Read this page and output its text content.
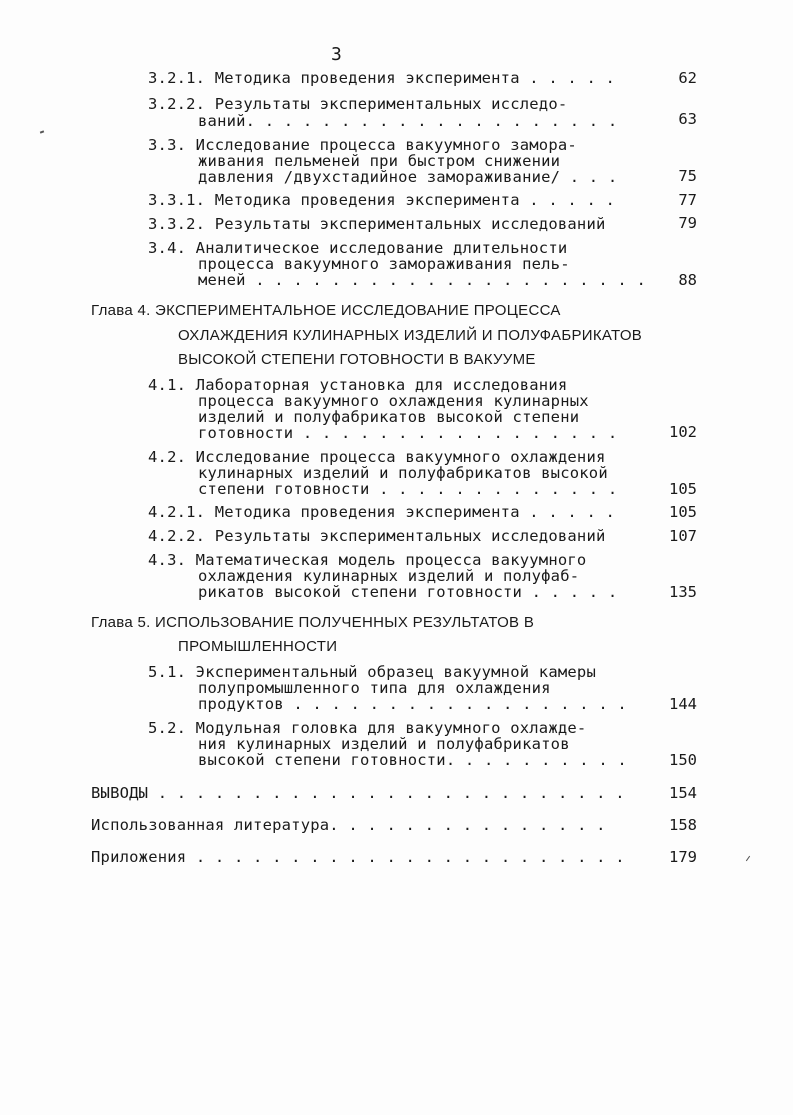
3
3.2.1. Методика проведения эксперимента . . . . .	62
3.2.2. Результаты экспериментальных исследо-
ваний. . . . . . . . . . . . . . . . . . . .	63
3.3. Исследование процесса вакуумного замора-
живания пельменей при быстром снижении
давления /двухстадийное замораживание/ . . .	75
3.3.1. Методика проведения эксперимента . . . . .	77
3.3.2. Результаты экспериментальных исследований	79
3.4. Аналитическое исследование длительности
процесса вакуумного замораживания пель-
меней . . . . . . . . . . . . . . . . . . . . . 88
Глава 4. ЭКСПЕРИМЕНТАЛЬНОЕ ИССЛЕДОВАНИЕ ПРОЦЕССА
ОХЛАЖДЕНИЯ КУЛИНАРНЫХ ИЗДЕЛИЙ И ПОЛУФАБРИКАТОВ
ВЫСОКОЙ СТЕПЕНИ ГОТОВНОСТИ В ВАКУУМЕ
4.1. Лабораторная установка для исследования
процесса вакуумного охлаждения кулинарных
изделий и полуфабрикатов высокой степени
готовности . . . . . . . . . . . . . . . . .	102
4.2. Исследование процесса вакуумного охлаждения
кулинарных изделий и полуфабрикатов высокой
степени готовности . . . . . . . . . . . . .	105
4.2.1. Методика проведения эксперимента . . . . .	105
4.2.2. Результаты экспериментальных исследований	107
4.3. Математическая модель процесса вакуумного
охлаждения кулинарных изделий и полуфаб-
рикатов высокой степени готовности . . . . .	135
Глава 5. ИСПОЛЬЗОВАНИЕ ПОЛУЧЕННЫХ РЕЗУЛЬТАТОВ В
ПРОМЫШЛЕННОСТИ
5.1. Экспериментальный образец вакуумной камеры
полупромышленного типа для охлаждения
продуктов . . . . . . . . . . . . . . . . . .	144
5.2. Модульная головка для вакуумного охлажде-
ния кулинарных изделий и полуфабрикатов
высокой степени готовности. . . . . . . . . .	150
ВЫВОДЫ . . . . . . . . . . . . . . . . . . . . . . . . .	154
Использованная литература. . . . . . . . . . . . . . .	158
Приложения . . . . . . . . . . . . . . . . . . . . . . .	179
